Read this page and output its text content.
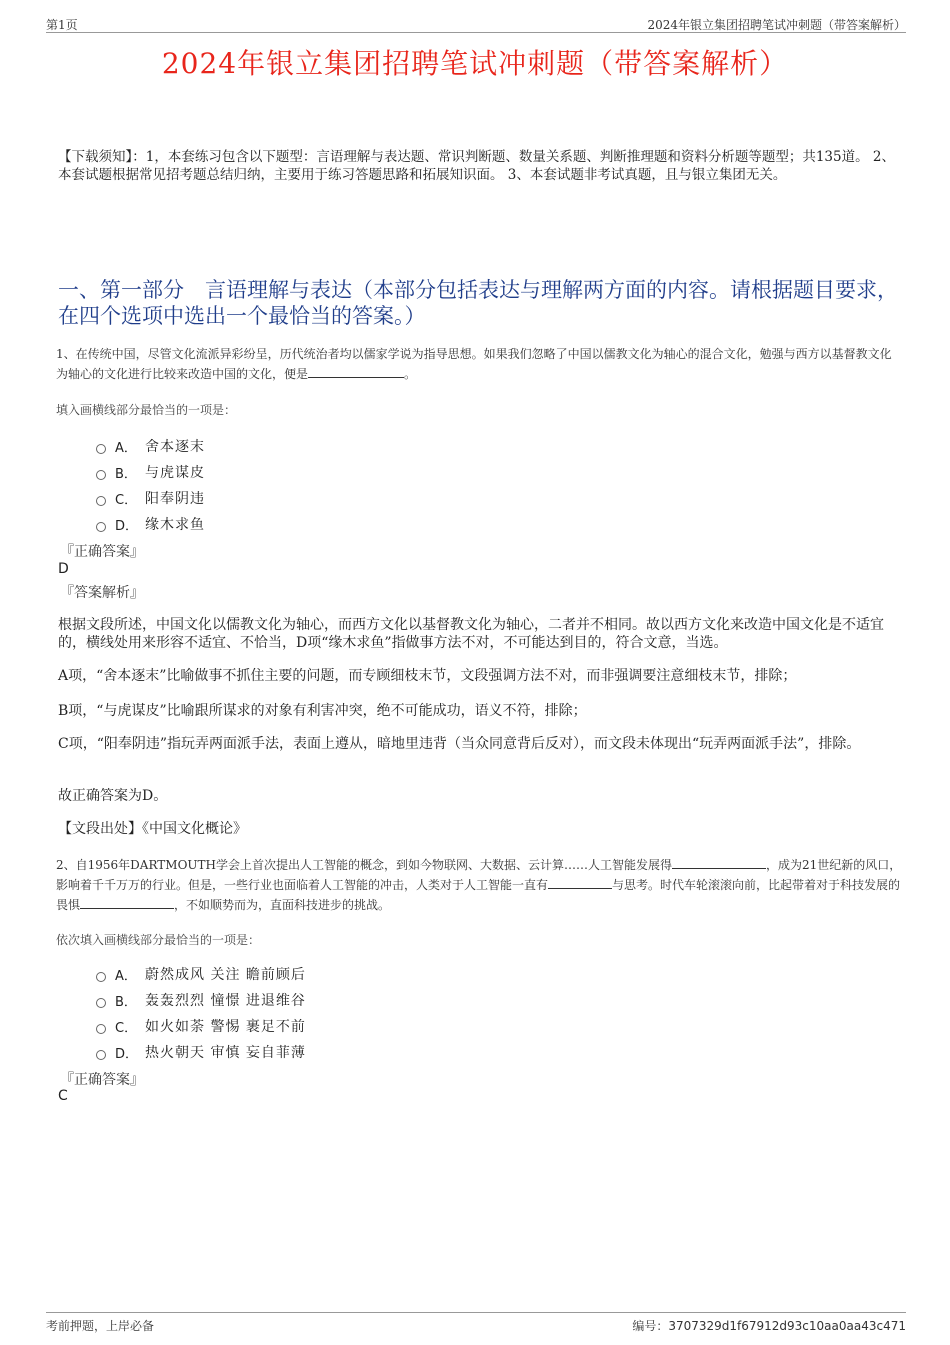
第1页	2024年银立集团招聘笔试冲刺题（带答案解析）
2024年银立集团招聘笔试冲刺题（带答案解析）
【下载须知】：1，本套练习包含以下题型：言语理解与表达题、常识判断题、数量关系题、判断推理题和资料分析题等题型；共135道。 2、本套试题根据常见招考题总结归纳，主要用于练习答题思路和拓展知识面。 3、本套试题非考试真题，且与银立集团无关。
一、第一部分　言语理解与表达（本部分包括表达与理解两方面的内容。请根据题目要求，在四个选项中选出一个最恰当的答案。）
1、在传统中国，尽管文化流派异彩纷呈，历代统治者均以儒家学说为指导思想。如果我们忽略了中国以儒教文化为轴心的混合文化，勉强与西方以基督教文化为轴心的文化进行比较来改造中国的文化，便是	。
填入画横线部分最恰当的一项是：
A． 舍本逐末
B． 与虎谋皮
C． 阳奉阴违
D． 缘木求鱼
『正确答案』
D
『答案解析』
根据文段所述，中国文化以儒教文化为轴心，而西方文化以基督教文化为轴心，二者并不相同。故以西方文化来改造中国文化是不适宜的，横线处用来形容不适宜、不恰当，D项“缘木求鱼”指做事方法不对，不可能达到目的，符合文意，当选。
A项，“舍本逐末”比喻做事不抓住主要的问题，而专顾细枝末节，文段强调方法不对，而非强调要注意细枝末节，排除；
B项，“与虎谋皮”比喻跟所谋求的对象有利害冲突，绝不可能成功，语义不符，排除；
C项，“阳奉阴违”指玩弄两面派手法，表面上遵从，暗地里违背（当众同意背后反对），而文段未体现出“玩弄两面派手法”，排除。
故正确答案为D。
【文段出处】《中国文化概论》
2、自1956年DARTMOUTH学会上首次提出人工智能的概念，到如今物联网、大数据、云计算……人工智能发展得	，成为21世纪新的风口，影响着千千万万的行业。但是，一些行业也面临着人工智能的冲击，人类对于人工智能一直有	与思考。时代车轮滚滚向前，比起带着对于科技发展的畏惧	，不如顺势而为，直面科技进步的挑战。
依次填入画横线部分最恰当的一项是：
A． 蔚然成风 关注 瞻前顾后
B． 轰轰烈烈 憧憬 进退维谷
C． 如火如荼 警惕 裹足不前
D． 热火朝天 审慎 妄自菲薄
『正确答案』
C
考前押题，上岸必备	编号：3707329d1f67912d93c10aa0aa43c471
